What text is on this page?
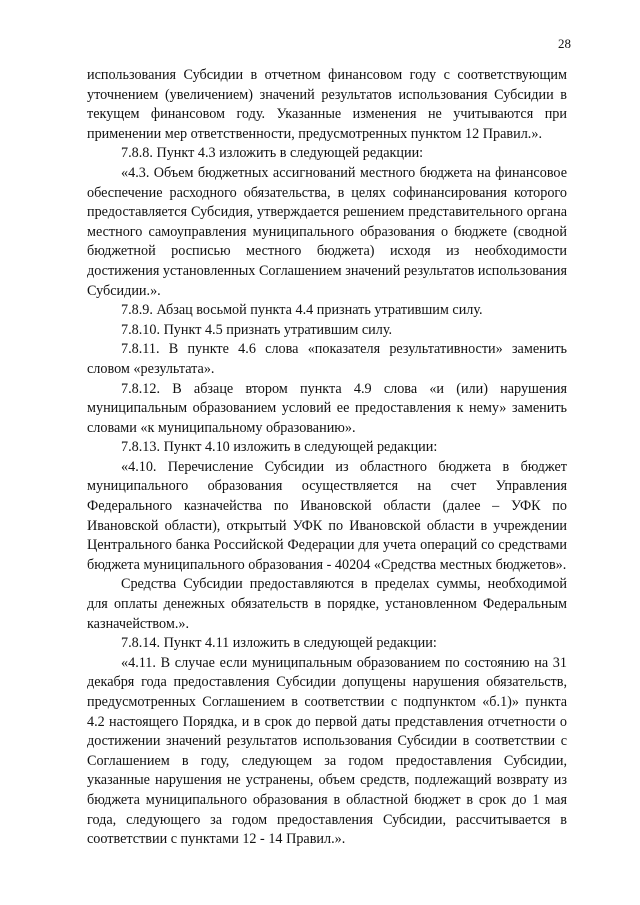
28

использования Субсидии в отчетном финансовом году с соответствующим уточнением (увеличением) значений результатов использования Субсидии в текущем финансовом году. Указанные изменения не учитываются при применении мер ответственности, предусмотренных пунктом 12 Правил.».

7.8.8. Пункт 4.3 изложить в следующей редакции:

«4.3. Объем бюджетных ассигнований местного бюджета на финансовое обеспечение расходного обязательства, в целях софинансирования которого предоставляется Субсидия, утверждается решением представительного органа местного самоуправления муниципального образования о бюджете (сводной бюджетной росписью местного бюджета) исходя из необходимости достижения установленных Соглашением значений результатов использования Субсидии.».

7.8.9. Абзац восьмой пункта 4.4 признать утратившим силу.

7.8.10. Пункт 4.5 признать утратившим силу.

7.8.11. В пункте 4.6 слова «показателя результативности» заменить словом «результата».

7.8.12. В абзаце втором пункта 4.9 слова «и (или) нарушения муниципальным образованием условий ее предоставления к нему» заменить словами «к муниципальному образованию».

7.8.13. Пункт 4.10 изложить в следующей редакции:

«4.10. Перечисление Субсидии из областного бюджета в бюджет муниципального образования осуществляется на счет Управления Федерального казначейства по Ивановской области (далее – УФК по Ивановской области), открытый УФК по Ивановской области в учреждении Центрального банка Российской Федерации для учета операций со средствами бюджета муниципального образования - 40204 «Средства местных бюджетов».

Средства Субсидии предоставляются в пределах суммы, необходимой для оплаты денежных обязательств в порядке, установленном Федеральным казначейством.».

7.8.14. Пункт 4.11 изложить в следующей редакции:

«4.11. В случае если муниципальным образованием по состоянию на 31 декабря года предоставления Субсидии допущены нарушения обязательств, предусмотренных Соглашением в соответствии с подпунктом «б.1)» пункта 4.2 настоящего Порядка, и в срок до первой даты представления отчетности о достижении значений результатов использования Субсидии в соответствии с Соглашением в году, следующем за годом предоставления Субсидии, указанные нарушения не устранены, объем средств, подлежащий возврату из бюджета муниципального образования в областной бюджет в срок до 1 мая года, следующего за годом предоставления Субсидии, рассчитывается в соответствии с пунктами 12 - 14 Правил.».
